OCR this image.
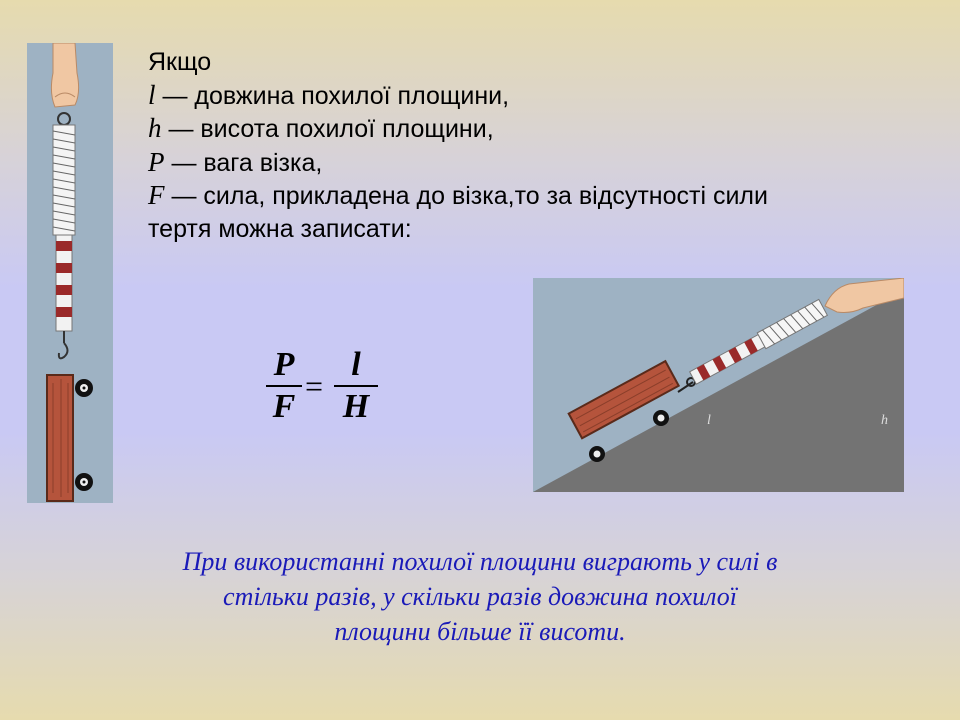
Якщо
l — довжина похилої площини,
h — висота похилої площини,
P — вага візка,
F — сила, прикладена до візка,то за відсутності сили
тертя можна записати:
P
F
=
l
H	l	h
При використанні похилої площини виграють у силі в
стільки разів, у скільки разів довжина похилої
площини більше її висоти.
